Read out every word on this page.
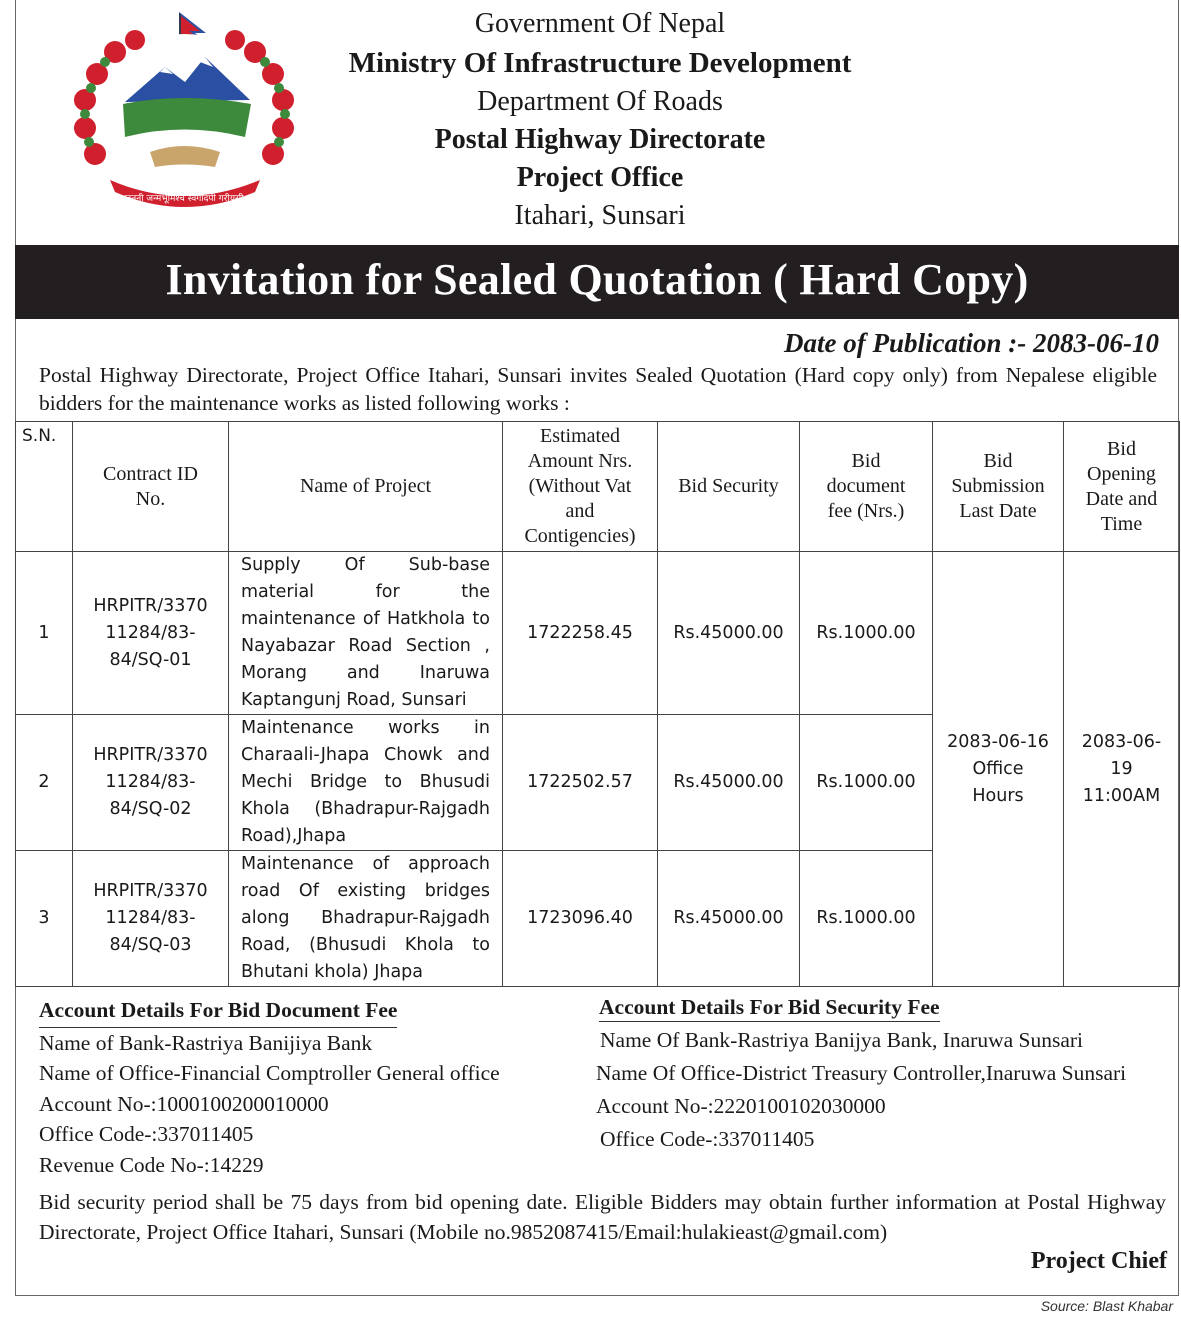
जननी जन्मभूमिश्च स्वर्गादपी गरीयसी
Government Of Nepal
Ministry Of Infrastructure Development
Department Of Roads
Postal Highway Directorate
Project Office
Itahari, Sunsari
Invitation for Sealed Quotation ( Hard Copy)
Date of Publication :- 2083-06-10
Postal Highway Directorate, Project Office Itahari, Sunsari invites Sealed Quotation (Hard copy only) from Nepalese eligible bidders for the maintenance works as listed following works :
S.N.	Contract ID No.	Name of Project	Estimated Amount Nrs.(Without Vat and Contigencies)	Bid Security	Bid document fee (Nrs.)	Bid Submission Last Date	Bid Opening Date and Time
1	HRPITR/3370 11284/83-84/SQ-01	Supply Of Sub-base material for the maintenance of Hatkhola to Nayabazar Road Section , Morang and Inaruwa Kaptangunj Road, Sunsari	1722258.45	Rs.45000.00	Rs.1000.00	2083-06-16 Office Hours	2083-06-19 11:00AM
2	HRPITR/3370 11284/83-84/SQ-02	Maintenance works in Charaali-Jhapa Chowk and Mechi Bridge to Bhusudi Khola (Bhadrapur-Rajgadh Road),Jhapa	1722502.57	Rs.45000.00	Rs.1000.00		
3	HRPITR/3370 11284/83-84/SQ-03	Maintenance of approach road Of existing bridges along Bhadrapur-Rajgadh Road, (Bhusudi Khola to Bhutani khola) Jhapa	1723096.40	Rs.45000.00	Rs.1000.00		
Account Details For Bid Document Fee
Name of Bank-Rastriya Banijiya Bank
Name of Office-Financial Comptroller General office
Account No-:1000100200010000
Office Code-:337011405
Revenue Code No-:14229
Account Details For Bid Security Fee
Name Of Bank-Rastriya Banijya Bank, Inaruwa Sunsari
Name Of Office-District Treasury Controller,Inaruwa Sunsari
Account No-:2220100102030000
Office Code-:337011405
Bid security period shall be 75 days from bid opening date. Eligible Bidders may obtain further information at Postal Highway Directorate, Project Office Itahari, Sunsari (Mobile no.9852087415/Email:hulakieast@gmail.com)
Project Chief
Source: Blast Khabar
